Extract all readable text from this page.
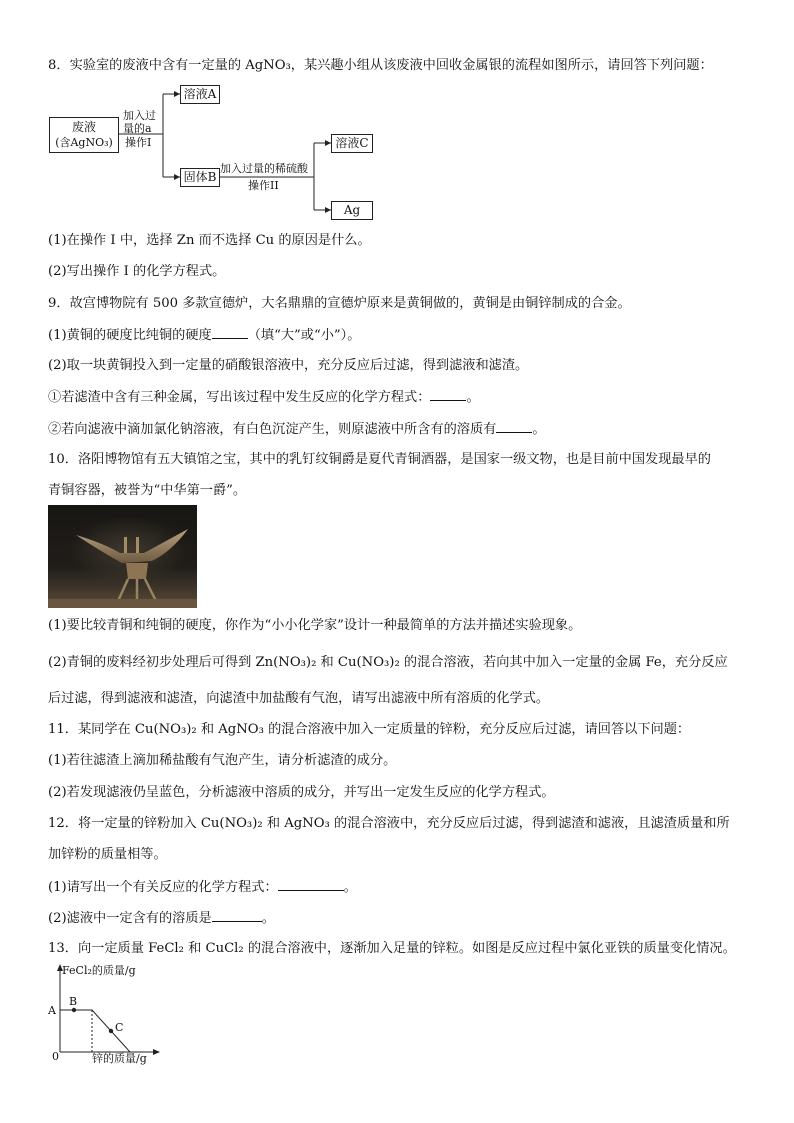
8．实验室的废液中含有一定量的 AgNO₃，某兴趣小组从该废液中回收金属银的流程如图所示，请回答下列问题：
废液
(含AgNO₃)
加入过
量的a
操作I
溶液A
固体B
加入过量的稀硫酸
操作II
溶液C
Ag
(1)在操作 I 中，选择 Zn 而不选择 Cu 的原因是什么。
(2)写出操作 I 的化学方程式。
9．故宫博物院有 500 多款宣德炉，大名鼎鼎的宣德炉原来是黄铜做的，黄铜是由铜锌制成的合金。
(1)黄铜的硬度比纯铜的硬度	（填“大”或“小”）。
(2)取一块黄铜投入到一定量的硝酸银溶液中，充分反应后过滤，得到滤液和滤渣。
①若滤渣中含有三种金属，写出该过程中发生反应的化学方程式：	。
②若向滤液中滴加氯化钠溶液，有白色沉淀产生，则原滤液中所含有的溶质有	。
10．洛阳博物馆有五大镇馆之宝，其中的乳钉纹铜爵是夏代青铜酒器，是国家一级文物，也是目前中国发现最早的
青铜容器，被誉为“中华第一爵”。
(1)要比较青铜和纯铜的硬度，你作为“小小化学家”设计一种最简单的方法并描述实验现象。
(2)青铜的废料经初步处理后可得到 Zn(NO₃)₂ 和 Cu(NO₃)₂ 的混合溶液，若向其中加入一定量的金属 Fe，充分反应
后过滤，得到滤液和滤渣，向滤渣中加盐酸有气泡，请写出滤液中所有溶质的化学式。
11．某同学在 Cu(NO₃)₂ 和 AgNO₃ 的混合溶液中加入一定质量的锌粉，充分反应后过滤，请回答以下问题：
(1)若往滤渣上滴加稀盐酸有气泡产生，请分析滤渣的成分。
(2)若发现滤液仍呈蓝色，分析滤液中溶质的成分，并写出一定发生反应的化学方程式。
12．将一定量的锌粉加入 Cu(NO₃)₂ 和 AgNO₃ 的混合溶液中，充分反应后过滤，得到滤渣和滤液，且滤渣质量和所
加锌粉的质量相等。
(1)请写出一个有关反应的化学方程式：	。
(2)滤液中一定含有的溶质是	。
13．向一定质量 FeCl₂ 和 CuCl₂ 的混合溶液中，逐渐加入足量的锌粒。如图是反应过程中氯化亚铁的质量变化情况。
FeCl₂的质量/g
A
B
C
0	锌的质量/g
